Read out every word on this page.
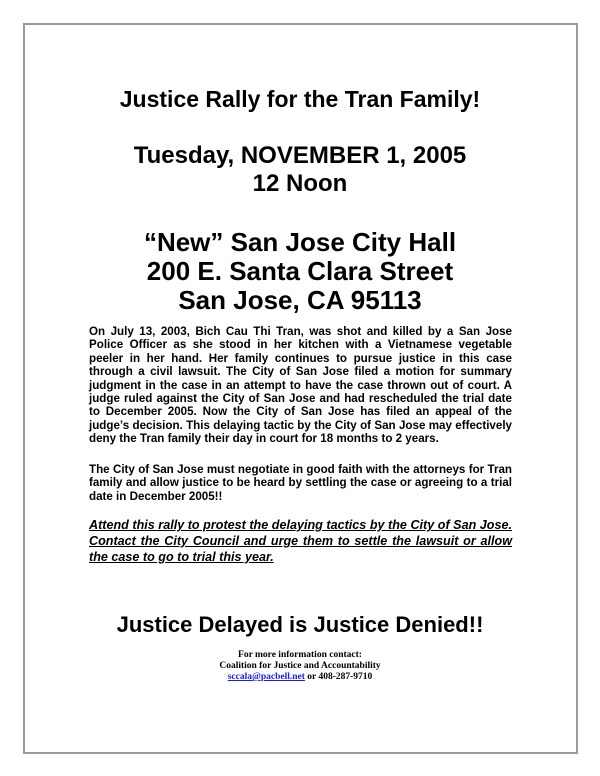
Justice Rally for the Tran Family!
Tuesday, NOVEMBER 1, 2005
12 Noon
“New” San Jose City Hall
200 E. Santa Clara Street
San Jose, CA 95113
On July 13, 2003, Bich Cau Thi Tran, was shot and killed by a San Jose Police Officer as she stood in her kitchen with a Vietnamese vegetable peeler in her hand. Her family continues to pursue justice in this case through a civil lawsuit. The City of San Jose filed a motion for summary judgment in the case in an attempt to have the case thrown out of court. A judge ruled against the City of San Jose and had rescheduled the trial date to December 2005. Now the City of San Jose has filed an appeal of the judge’s decision. This delaying tactic by the City of San Jose may effectively deny the Tran family their day in court for 18 months to 2 years.
The City of San Jose must negotiate in good faith with the attorneys for Tran family and allow justice to be heard by settling the case or agreeing to a trial date in December 2005!!
Attend this rally to protest the delaying tactics by the City of San Jose. Contact the City Council and urge them to settle the lawsuit or allow the case to go to trial this year.
Justice Delayed is Justice Denied!!
For more information contact:
Coalition for Justice and Accountability
sccala@pacbell.net or 408-287-9710
